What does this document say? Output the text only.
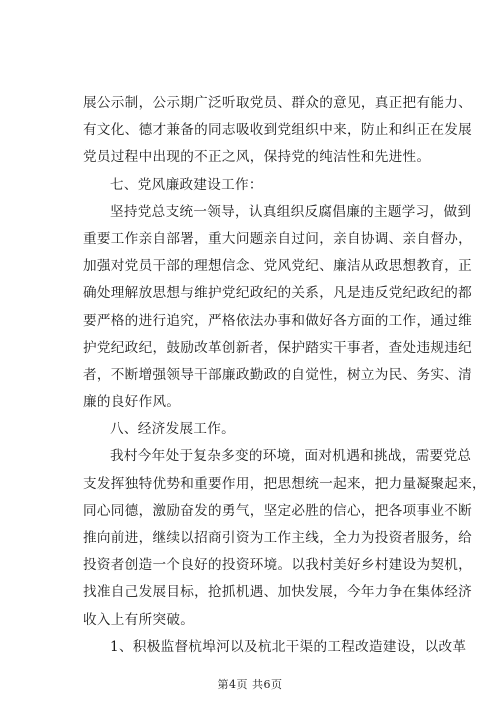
展公示制，公示期广泛听取党员、群众的意见，真正把有能力、
有文化、德才兼备的同志吸收到党组织中来，防止和纠正在发展
党员过程中出现的不正之风，保持党的纯洁性和先进性。
七、党风廉政建设工作：
坚持党总支统一领导，认真组织反腐倡廉的主题学习，做到
重要工作亲自部署，重大问题亲自过问，亲自协调、亲自督办，
加强对党员干部的理想信念、党风党纪、廉洁从政思想教育，正
确处理解放思想与维护党纪政纪的关系，凡是违反党纪政纪的都
要严格的进行追究，严格依法办事和做好各方面的工作，通过维
护党纪政纪，鼓励改革创新者，保护踏实干事者，查处违规违纪
者，不断增强领导干部廉政勤政的自觉性，树立为民、务实、清
廉的良好作风。
八、经济发展工作。
我村今年处于复杂多变的环境，面对机遇和挑战，需要党总
支发挥独特优势和重要作用，把思想统一起来，把力量凝聚起来，
同心同德，激励奋发的勇气，坚定必胜的信心，把各项事业不断
推向前进，继续以招商引资为工作主线，全力为投资者服务，给
投资者创造一个良好的投资环境。以我村美好乡村建设为契机，
找准自己发展目标，抢抓机遇、加快发展，今年力争在集体经济
收入上有所突破。
1、积极监督杭埠河以及杭北干渠的工程改造建设，以改革
第4页 共6页
